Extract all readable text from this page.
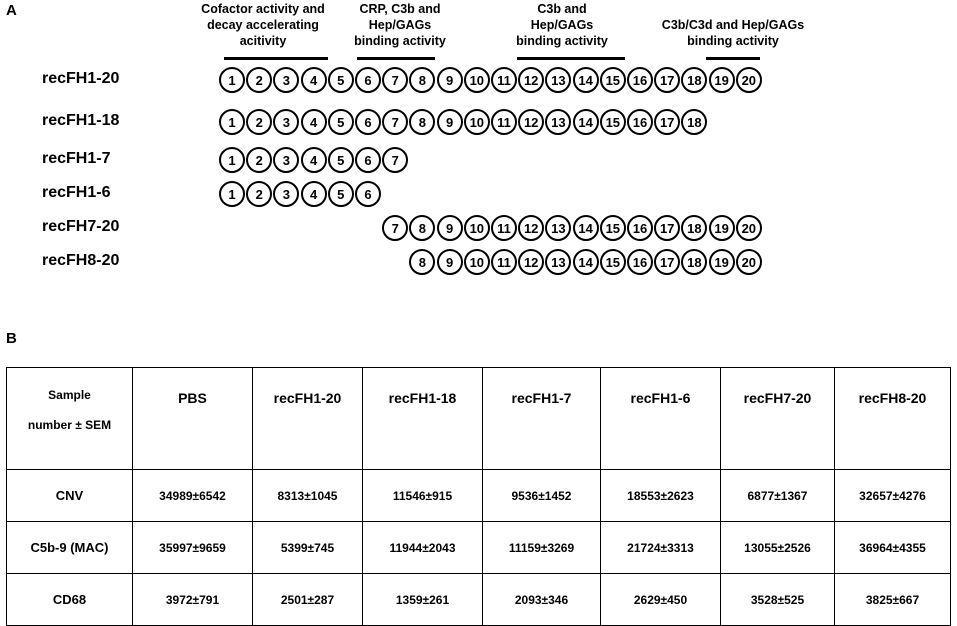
A	Cofactor activity and
decay accelerating
acitivity
CRP, C3b and
Hep/GAGs
binding activity
C3b and
Hep/GAGs
binding activity
C3b/C3d and Hep/GAGs
binding activity
recFH1-20
recFH1-18
recFH1-7
recFH1-6
recFH7-20
recFH8-20
1	2	3	4	5	6	7	8	9	10	11	12 13 14 15 16 17 18 19 20
1	2	3	4	5	6	7	8	9	10	11	12 13 14 15 16 17 18
1	2	3	4	5	6	7
1	2	3	4	5	6
7	8	9	10	11	12 13 14 15 16 17 18 19 20
8	9	10	11	12 13 14 15 16 17 18 19 20
B
Sample
number ± SEM	PBS	recFH1-20	recFH1-18	recFH1-7	recFH1-6	recFH7-20	recFH8-20
CNV	34989±6542	8313±1045	11546±915	9536±1452	18553±2623	6877±1367	32657±4276
C5b-9 (MAC)	35997±9659	5399±745	11944±2043	11159±3269	21724±3313	13055±2526	36964±4355
CD68	3972±791	2501±287	1359±261	2093±346	2629±450	3528±525	3825±667
